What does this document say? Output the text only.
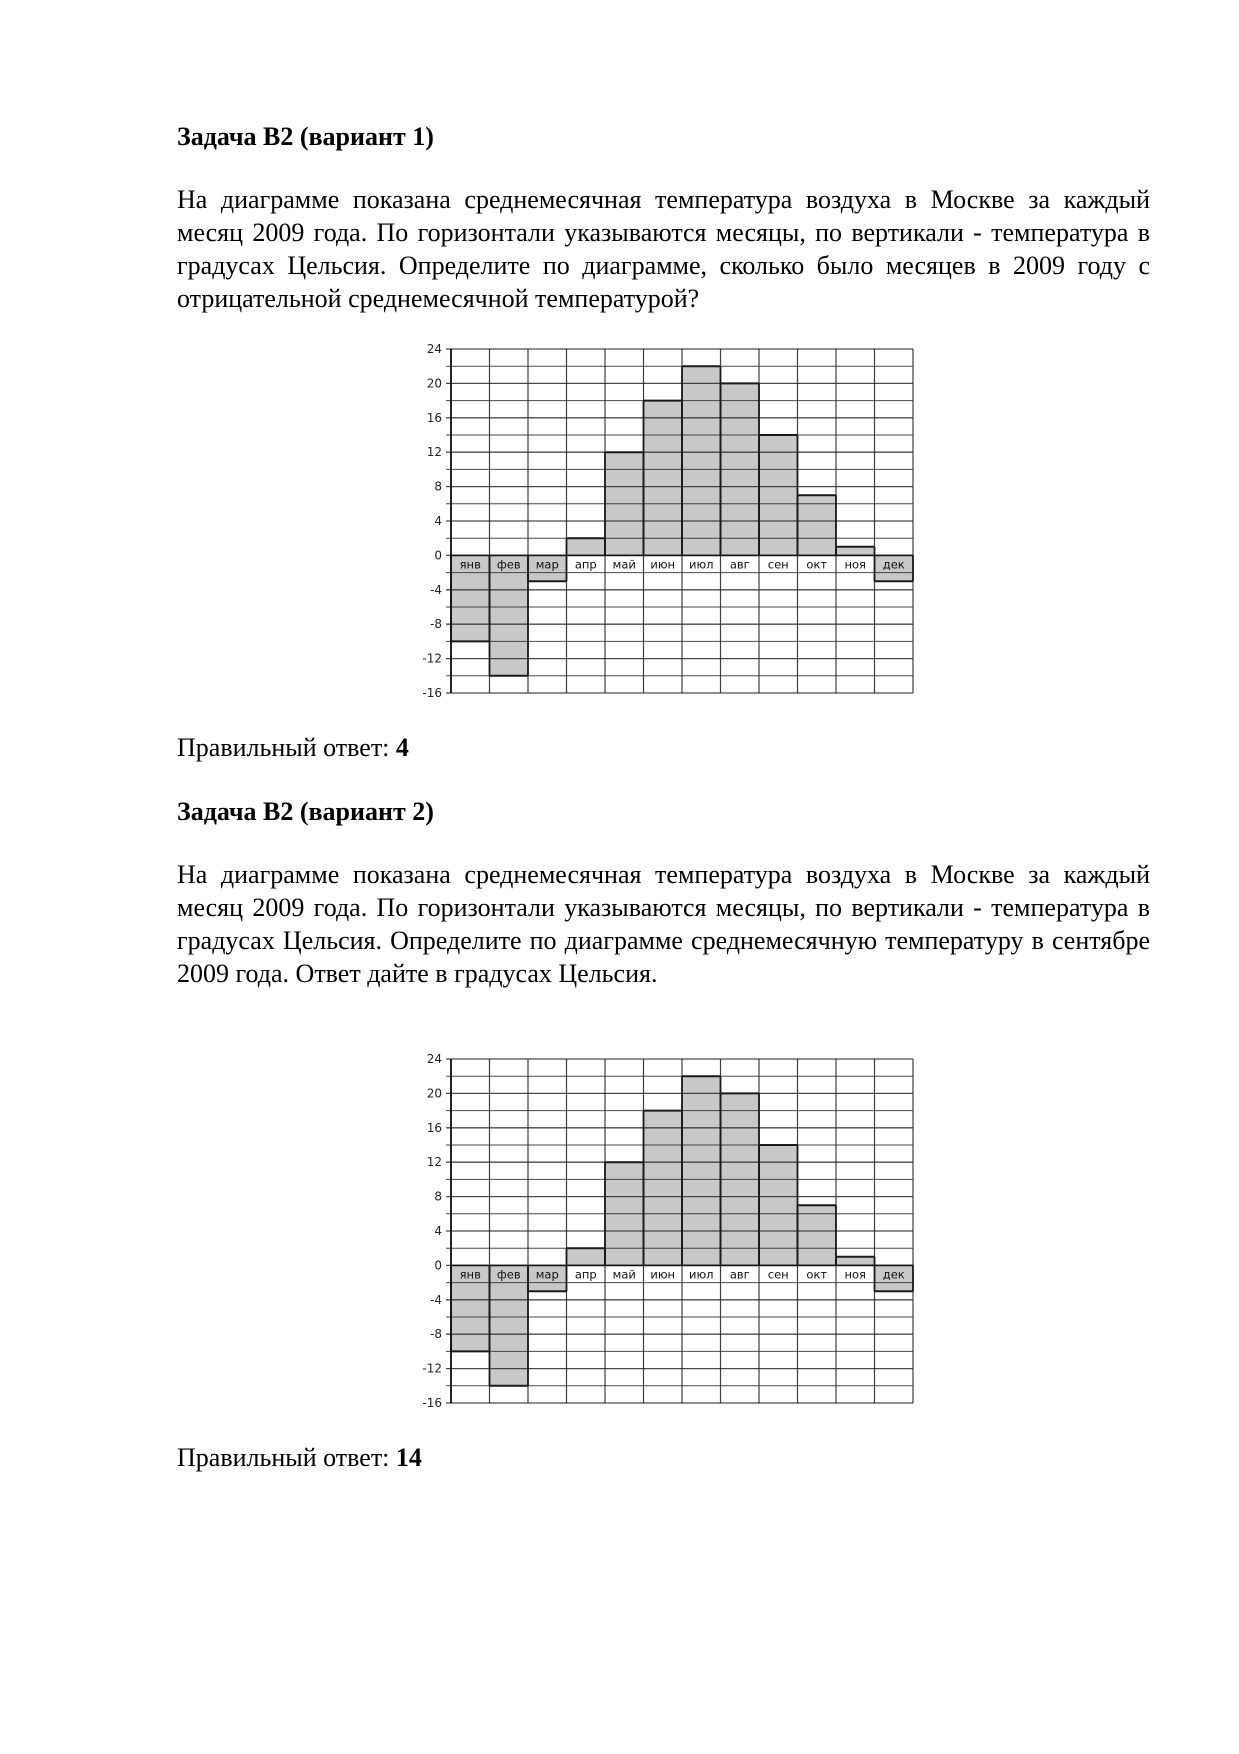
Задача В2 (вариант 1)
На диаграмме показана среднемесячная температура воздуха в Москве за каждый месяц 2009 года. По горизонтали указываются месяцы, по вертикали - температура в градусах Цельсия. Определите по диаграмме, сколько было месяцев в 2009 году с отрицательной среднемесячной температурой?
24
20
16
12
8
4
0
-4
-8
-12
-16
янв фев мар апр май июн июл авг сен окт ноя дек
Правильный ответ: 4
Задача В2 (вариант 2)
На диаграмме показана среднемесячная температура воздуха в Москве за каждый месяц 2009 года. По горизонтали указываются месяцы, по вертикали - температура в градусах Цельсия. Определите по диаграмме среднемесячную температуру в сентябре 2009 года. Ответ дайте в градусах Цельсия.
24
20
16
12
8
4
0
-4
-8
-12
-16
янв фев мар апр май июн июл авг сен окт ноя дек
Правильный ответ: 14
